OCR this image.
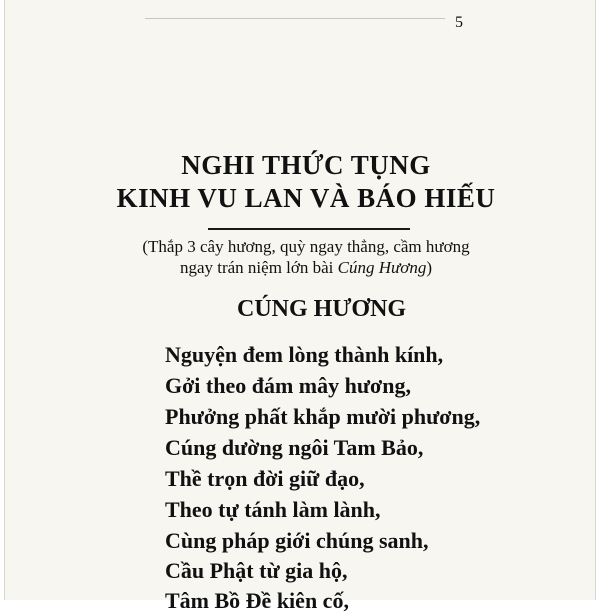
5
NGHI THỨC TỤNG
KINH VU LAN VÀ BÁO HIẾU
(Thắp 3 cây hương, quỳ ngay thẳng, cầm hương ngay trán niệm lớn bài Cúng Hương)
CÚNG HƯƠNG
Nguyện đem lòng thành kính,
Gởi theo đám mây hương,
Phưởng phất khắp mười phương,
Cúng dường ngôi Tam Bảo,
Thề trọn đời giữ đạo,
Theo tự tánh làm lành,
Cùng pháp giới chúng sanh,
Cầu Phật từ gia hộ,
Tâm Bồ Đề kiên cố,
